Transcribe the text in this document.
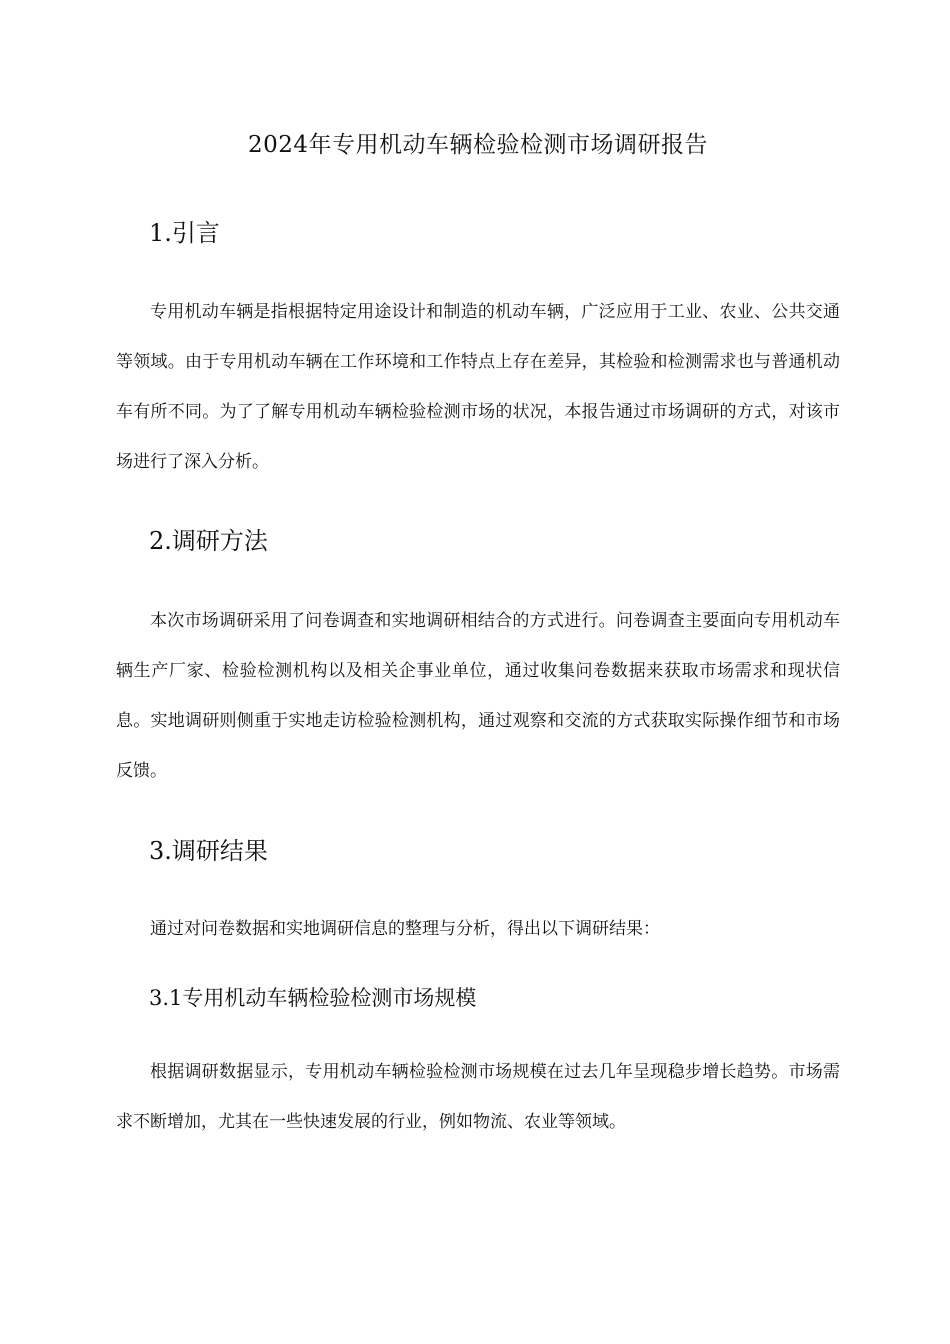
2024年专用机动车辆检验检测市场调研报告
1.引言

专用机动车辆是指根据特定用途设计和制造的机动车辆，广泛应用于工业、农业、公共交通等领域。由于专用机动车辆在工作环境和工作特点上存在差异，其检验和检测需求也与普通机动车有所不同。为了了解专用机动车辆检验检测市场的状况，本报告通过市场调研的方式，对该市场进行了深入分析。

2.调研方法

本次市场调研采用了问卷调查和实地调研相结合的方式进行。问卷调查主要面向专用机动车辆生产厂家、检验检测机构以及相关企事业单位，通过收集问卷数据来获取市场需求和现状信息。实地调研则侧重于实地走访检验检测机构，通过观察和交流的方式获取实际操作细节和市场反馈。

3.调研结果

通过对问卷数据和实地调研信息的整理与分析，得出以下调研结果：

3.1专用机动车辆检验检测市场规模

根据调研数据显示，专用机动车辆检验检测市场规模在过去几年呈现稳步增长趋势。市场需求不断增加，尤其在一些快速发展的行业，例如物流、农业等领域。
